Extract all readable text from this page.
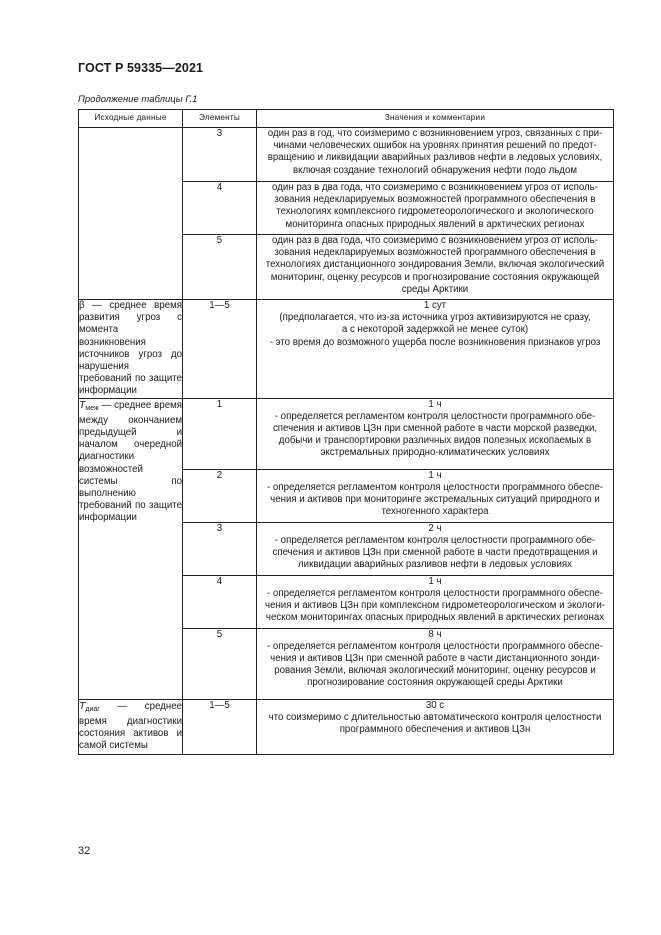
ГОСТ Р 59335—2021
Продолжение таблицы Г.1
Исходные данные	Элементы	Значения и комментарии
	3	один раз в год, что соизмеримо с возникновением угроз, связанных с при-
чинами человеческих ошибок на уровнях принятия решений по предот-
вращению и ликвидации аварийных разливов нефти в ледовых условиях,
включая создание технологий обнаружения нефти подо льдом

	4	один раз в два года, что соизмеримо с возникновением угроз от исполь-
зования недекларируемых возможностей программного обеспечения в
технологиях комплексного гидрометеорологического и экологического
мониторинга опасных природных явлений в арктических регионах

	5	один раз в два года, что соизмеримо с возникновением угроз от исполь-
зования недекларируемых возможностей программного обеспечения в
технологиях дистанционного зондирования Земли, включая экологический
мониторинг, оценку ресурсов и прогнозирование состояния окружающей
среды Арктики

β — среднее время развития угроз с момента возникновения источников угроз до нарушения требований по защите информации	1—5	1 сут
(предполагается, что из-за источника угроз активизируются не сразу,
а с некоторой задержкой не менее суток)
- это время до возможного ущерба после возникновения признаков угроз

$T_{меж}$ — среднее время между окончанием предыдущей и началом очередной диагностики возможностей системы по выполнению требований по защите информации	1	1 ч
- определяется регламентом контроля целостности программного обе-
спечения и активов ЦЗн при сменной работе в части морской разведки,
добычи и транспортировки различных видов полезных ископаемых в
экстремальных природно-климатических условиях

	2	1 ч
- определяется регламентом контроля целостности программного обеспе-
чения и активов при мониторинге экстремальных ситуаций природного и
техногенного характера

	3	2 ч
- определяется регламентом контроля целостности программного обе-
спечения и активов ЦЗн при сменной работе в части предотвращения и
ликвидации аварийных разливов нефти в ледовых условиях

	4	1 ч
- определяется регламентом контроля целостности программного обеспе-
чения и активов ЦЗн при комплексном гидрометеорологическом и экологи-
ческом мониторингах опасных природных явлений в арктических регионах

	5	8 ч
- определяется регламентом контроля целостности программного обеспе-
чения и активов ЦЗн при сменной работе в части дистанционного зонди-
рования Земли, включая экологический мониторинг, оценку ресурсов и
прогнозирование состояния окружающей среды Арктики

$T_{диаг}$ — среднее время диагностики состояния активов и самой системы	1—5	30 с
что соизмеримо с длительностью автоматического контроля целостности
программного обеспечения и активов ЦЗн
32
